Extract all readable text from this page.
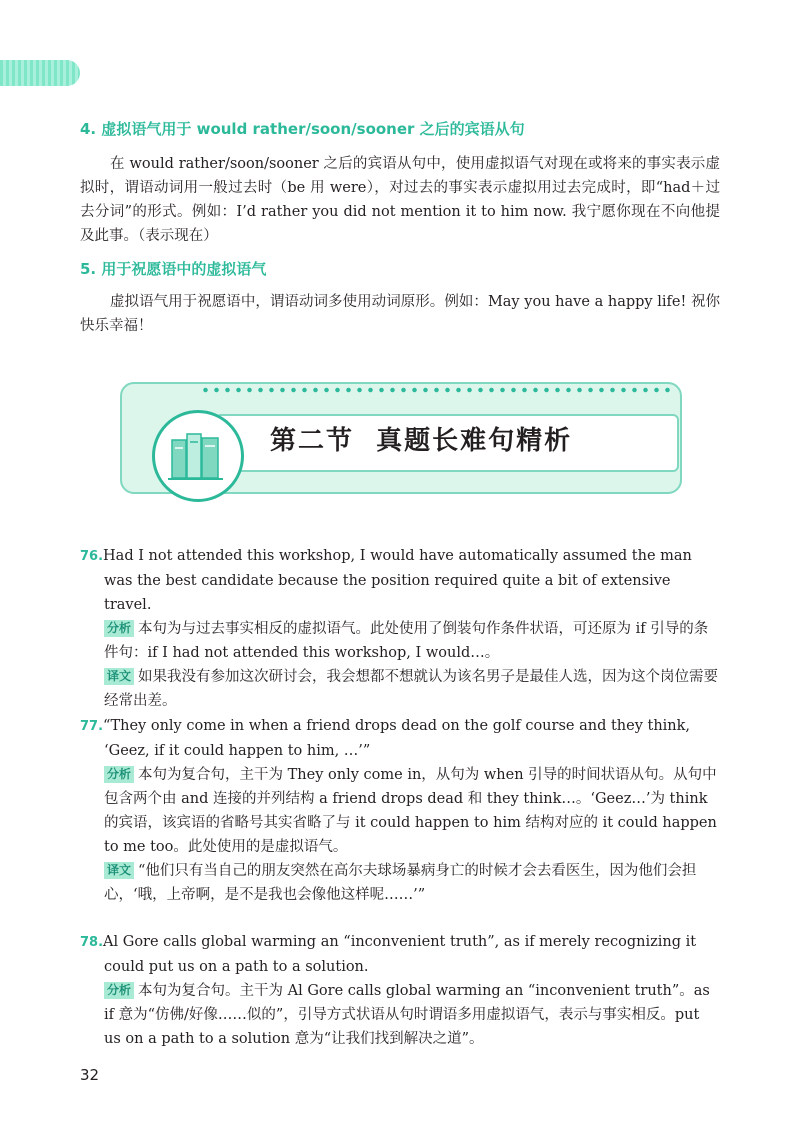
4. 虚拟语气用于 would rather/soon/sooner 之后的宾语从句
在 would rather/soon/sooner 之后的宾语从句中，使用虚拟语气对现在或将来的事实表示虚拟时，谓语动词用一般过去时（be 用 were），对过去的事实表示虚拟用过去完成时，即“had＋过去分词”的形式。例如：I’d rather you did not mention it to him now. 我宁愿你现在不向他提及此事。（表示现在）
5. 用于祝愿语中的虚拟语气
虚拟语气用于祝愿语中，谓语动词多使用动词原形。例如：May you have a happy life! 祝你快乐幸福！
第二节  真题长难句精析
76.Had I not attended this workshop, I would have automatically assumed the man was the best candidate because the position required quite a bit of extensive travel.
分析 本句为与过去事实相反的虚拟语气。此处使用了倒装句作条件状语，可还原为 if 引导的条件句：if I had not attended this workshop, I would…。
译文 如果我没有参加这次研讨会，我会想都不想就认为该名男子是最佳人选，因为这个岗位需要经常出差。
77.“They only come in when a friend drops dead on the golf course and they think, ‘Geez, if it could happen to him, …’”
分析 本句为复合句，主干为 They only come in，从句为 when 引导的时间状语从句。从句中包含两个由 and 连接的并列结构 a friend drops dead 和 they think…。‘Geez…’为 think 的宾语，该宾语的省略号其实省略了与 it could happen to him 结构对应的 it could happen to me too。此处使用的是虚拟语气。
译文 “他们只有当自己的朋友突然在高尔夫球场暴病身亡的时候才会去看医生，因为他们会担心，‘哦，上帝啊，是不是我也会像他这样呢……’”
78.Al Gore calls global warming an “inconvenient truth”, as if merely recognizing it could put us on a path to a solution.
分析 本句为复合句。主干为 Al Gore calls global warming an “inconvenient truth”。as if 意为“仿佛/好像……似的”，引导方式状语从句时谓语多用虚拟语气，表示与事实相反。put us on a path to a solution 意为“让我们找到解决之道”。
32
